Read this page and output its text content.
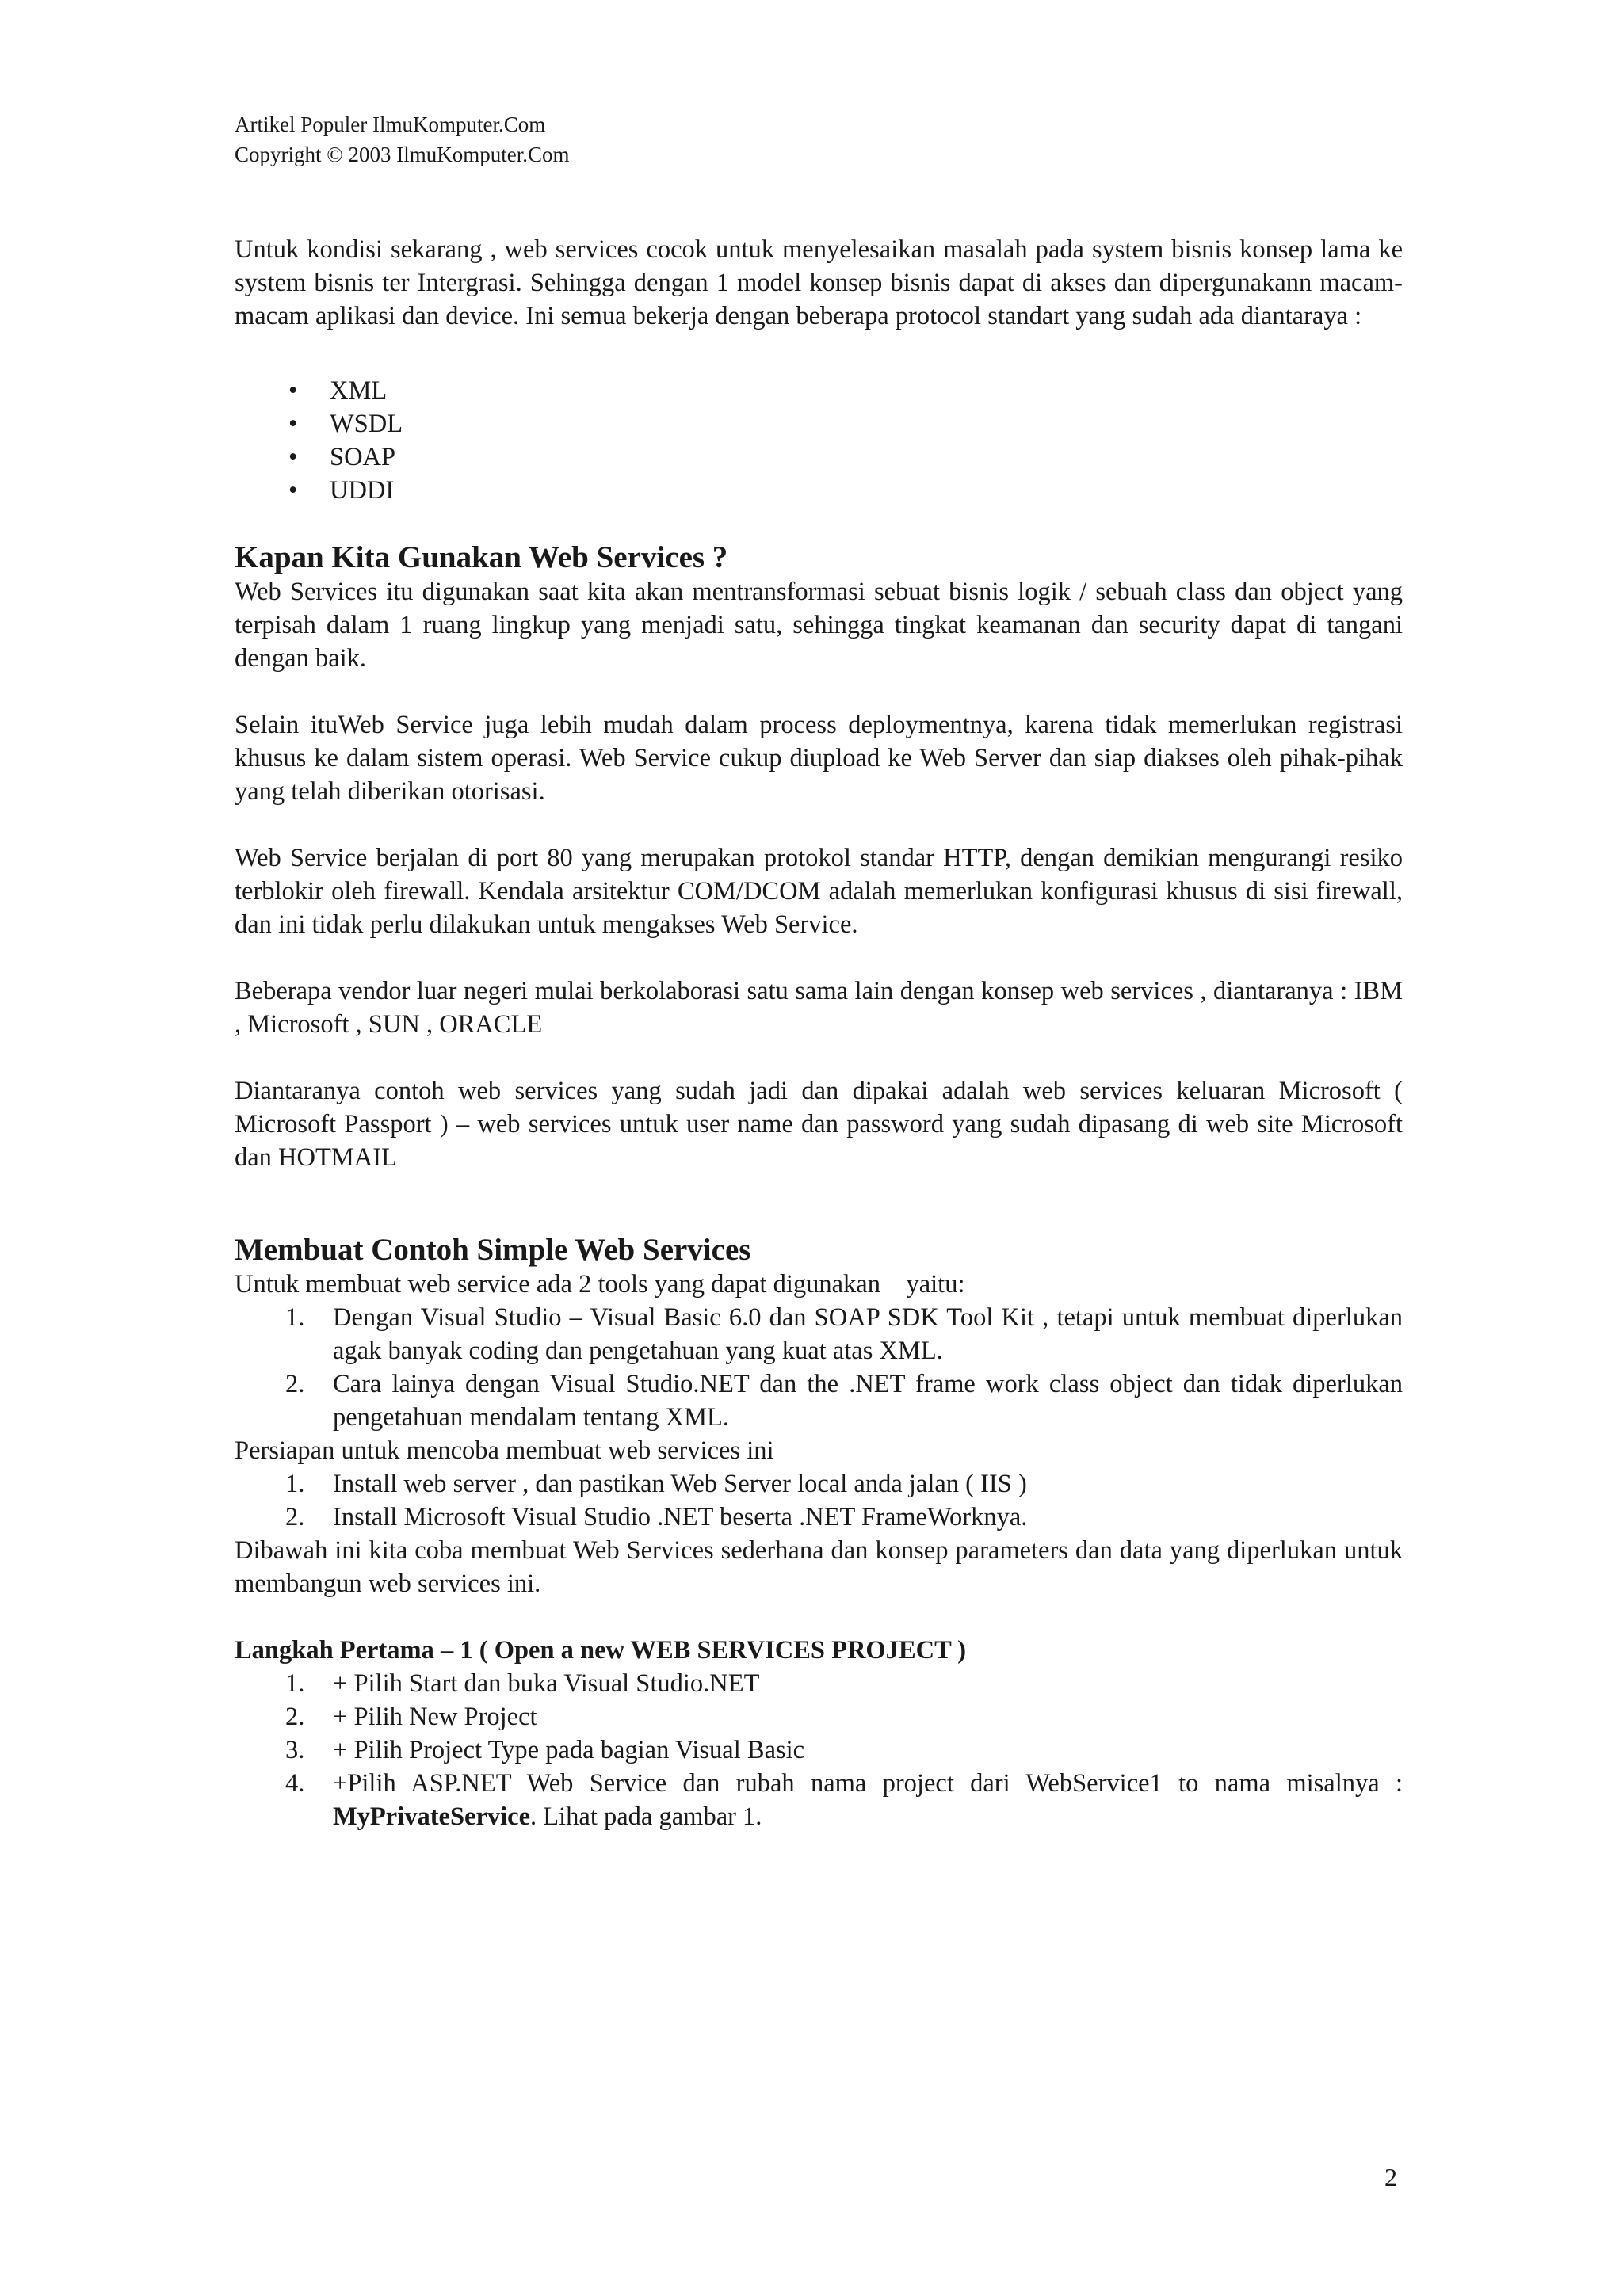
Artikel Populer IlmuKomputer.Com
Copyright © 2003 IlmuKomputer.Com

Untuk kondisi sekarang , web services cocok untuk menyelesaikan masalah pada system bisnis konsep lama ke system bisnis ter Intergrasi. Sehingga dengan 1 model konsep bisnis dapat di akses dan dipergunakann macam-macam aplikasi dan device. Ini semua bekerja dengan beberapa protocol standart yang sudah ada diantaraya :

• XML
• WSDL
• SOAP
• UDDI
Kapan Kita Gunakan Web Services ?

Web Services itu digunakan saat kita akan mentransformasi sebuat bisnis logik / sebuah class dan object yang terpisah dalam 1 ruang lingkup yang menjadi satu, sehingga tingkat keamanan dan security dapat di tangani dengan baik.

Selain ituWeb Service juga lebih mudah dalam process deploymentnya, karena tidak memerlukan registrasi khusus ke dalam sistem operasi. Web Service cukup diupload ke Web Server dan siap diakses oleh pihak-pihak yang telah diberikan otorisasi.

Web Service berjalan di port 80 yang merupakan protokol standar HTTP, dengan demikian mengurangi resiko terblokir oleh firewall. Kendala arsitektur COM/DCOM adalah memerlukan konfigurasi khusus di sisi firewall, dan ini tidak perlu dilakukan untuk mengakses Web Service.

Beberapa vendor luar negeri mulai berkolaborasi satu sama lain dengan konsep web services , diantaranya : IBM , Microsoft , SUN , ORACLE

Diantaranya contoh web services yang sudah jadi dan dipakai adalah web services keluaran Microsoft ( Microsoft Passport ) – web services untuk user name dan password yang sudah dipasang di web site Microsoft dan HOTMAIL

Membuat Contoh Simple Web Services

Untuk membuat web service ada 2 tools yang dapat digunakan    yaitu:

1. Dengan Visual Studio – Visual Basic 6.0 dan SOAP SDK Tool Kit , tetapi untuk membuat diperlukan agak banyak coding dan pengetahuan yang kuat atas XML.
2. Cara lainya dengan Visual Studio.NET dan the .NET frame work class object dan tidak diperlukan pengetahuan mendalam tentang XML.

Persiapan untuk mencoba membuat web services ini

1. Install web server , dan pastikan Web Server local anda jalan ( IIS )
2. Install Microsoft Visual Studio .NET beserta .NET FrameWorknya.

Dibawah ini kita coba membuat Web Services sederhana dan konsep parameters dan data yang diperlukan untuk membangun web services ini.

Langkah Pertama – 1 ( Open a new WEB SERVICES PROJECT )

1. + Pilih Start dan buka Visual Studio.NET
2. + Pilih New Project
3. + Pilih Project Type pada bagian Visual Basic
4. +Pilih ASP.NET Web Service dan rubah nama project dari WebService1 to nama misalnya : MyPrivateService. Lihat pada gambar 1.
2
